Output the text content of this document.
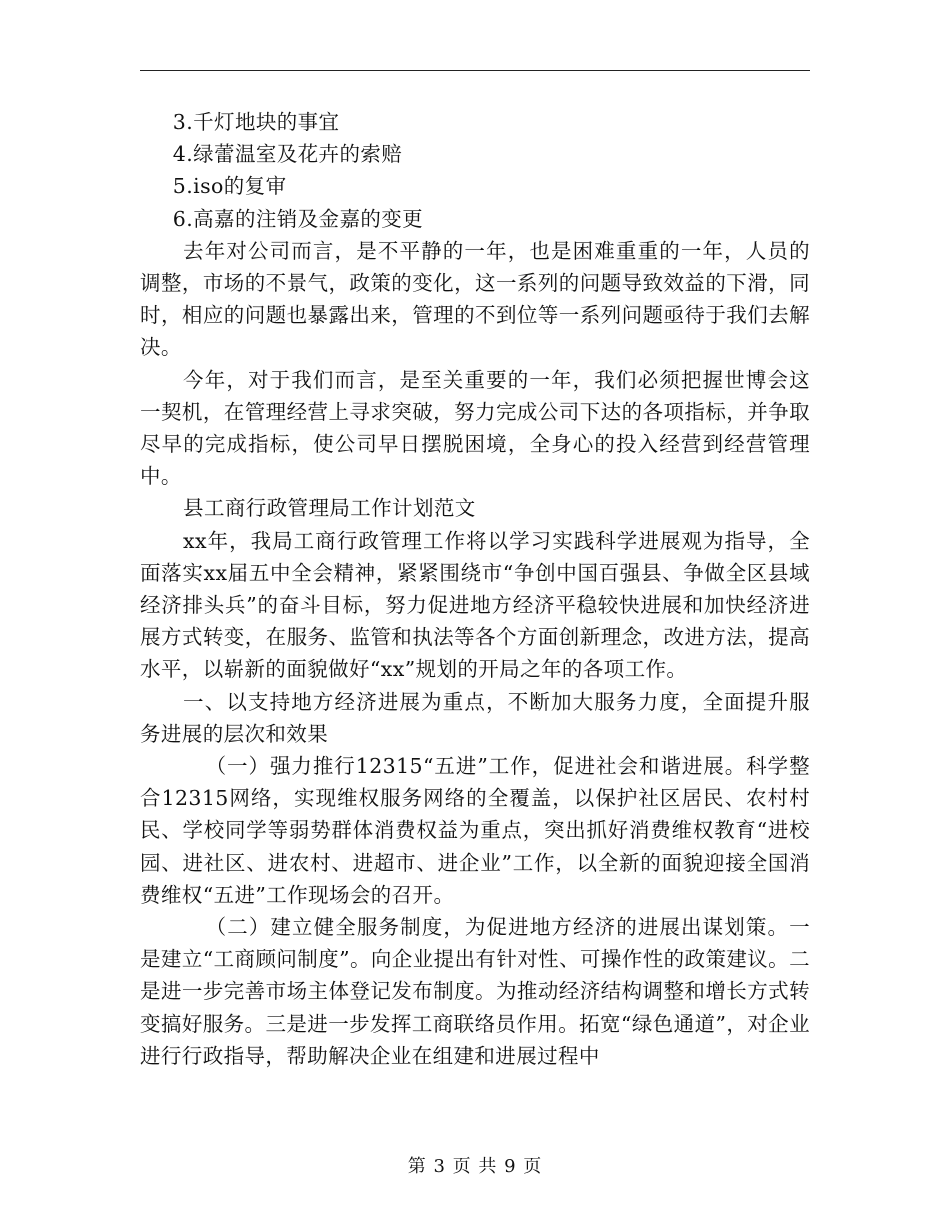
3.千灯地块的事宜

4.绿蕾温室及花卉的索赔

5.iso的复审

6.高嘉的注销及金嘉的变更

去年对公司而言，是不平静的一年，也是困难重重的一年，人员的调整，市场的不景气，政策的变化，这一系列的问题导致效益的下滑，同时，相应的问题也暴露出来，管理的不到位等一系列问题亟待于我们去解决。

今年，对于我们而言，是至关重要的一年，我们必须把握世博会这一契机，在管理经营上寻求突破，努力完成公司下达的各项指标，并争取尽早的完成指标，使公司早日摆脱困境，全身心的投入经营到经营管理中。

县工商行政管理局工作计划范文

xx年，我局工商行政管理工作将以学习实践科学进展观为指导，全面落实xx届五中全会精神，紧紧围绕市“争创中国百强县、争做全区县域经济排头兵”的奋斗目标，努力促进地方经济平稳较快进展和加快经济进展方式转变，在服务、监管和执法等各个方面创新理念，改进方法，提高水平，以崭新的面貌做好“xx”规划的开局之年的各项工作。

一、以支持地方经济进展为重点，不断加大服务力度，全面提升服务进展的层次和效果

（一）强力推行12315“五进”工作，促进社会和谐进展。科学整合12315网络，实现维权服务网络的全覆盖，以保护社区居民、农村村民、学校同学等弱势群体消费权益为重点，突出抓好消费维权教育“进校园、进社区、进农村、进超市、进企业”工作，以全新的面貌迎接全国消费维权“五进”工作现场会的召开。

（二）建立健全服务制度，为促进地方经济的进展出谋划策。一是建立“工商顾问制度”。向企业提出有针对性、可操作性的政策建议。二是进一步完善市场主体登记发布制度。为推动经济结构调整和增长方式转变搞好服务。三是进一步发挥工商联络员作用。拓宽“绿色通道”，对企业进行行政指导，帮助解决企业在组建和进展过程中

第 3 页 共 9 页
